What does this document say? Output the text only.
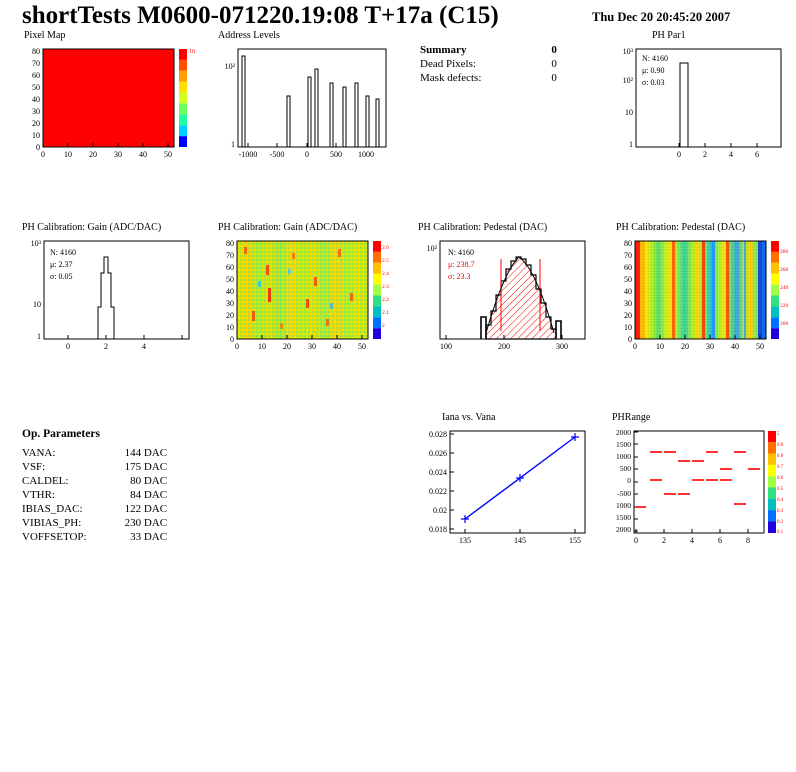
shortTests M0600-071220.19:08 T+17a (C15)	Thu Dec 20 20:45:20 2007
Summary	0
Dead Pixels:	0
Mask defects:	0
Op. Parameters
VANA:	144 DAC
VSF:	175 DAC
CALDEL:	80 DAC
VTHR:	84 DAC
IBIAS_DAC:	122 DAC
VIBIAS_PH:	230 DAC
VOFFSETOP:	33 DAC
Pixel Map
80
70
60
50
40
30
20
10
0
0 10 20 30 40 50
10
Address Levels
10²
1
-1000 -500	0	500 1000
PH Par1
10³
10²
10
1
N: 4160
μ: 0.90
σ: 0.03
0	2	4	6
PH Calibration: Gain (ADC/DAC)
10³
10
1
N: 4160
μ: 2.37
σ: 0.05
0	2	4
PH Calibration: Gain (ADC/DAC)
80
70
60
50
40
30
20
10
0
0 10 20 30 40 50
2.6
2.5
2.4
2.3
2.2
2.1
2
PH Calibration: Pedestal (DAC)
10² N: 4160
μ: 238.7
σ: 23.3
100	200	300
PH Calibration: Pedestal (DAC)
80
70
60
50
40
30
20
10
0
0 10 20 30 40 50
280
260
240
220
200
Iana vs. Vana
0.028
0.026
0.024
0.022
0.02
0.018
135	145	155
PHRange
2000
1500
1000
500
0
-500
1000
1500
2000
0	2	4	6	8
5
0.9
0.8
0.7
0.6
0.5
0.4
0.3
0.2
0.1
